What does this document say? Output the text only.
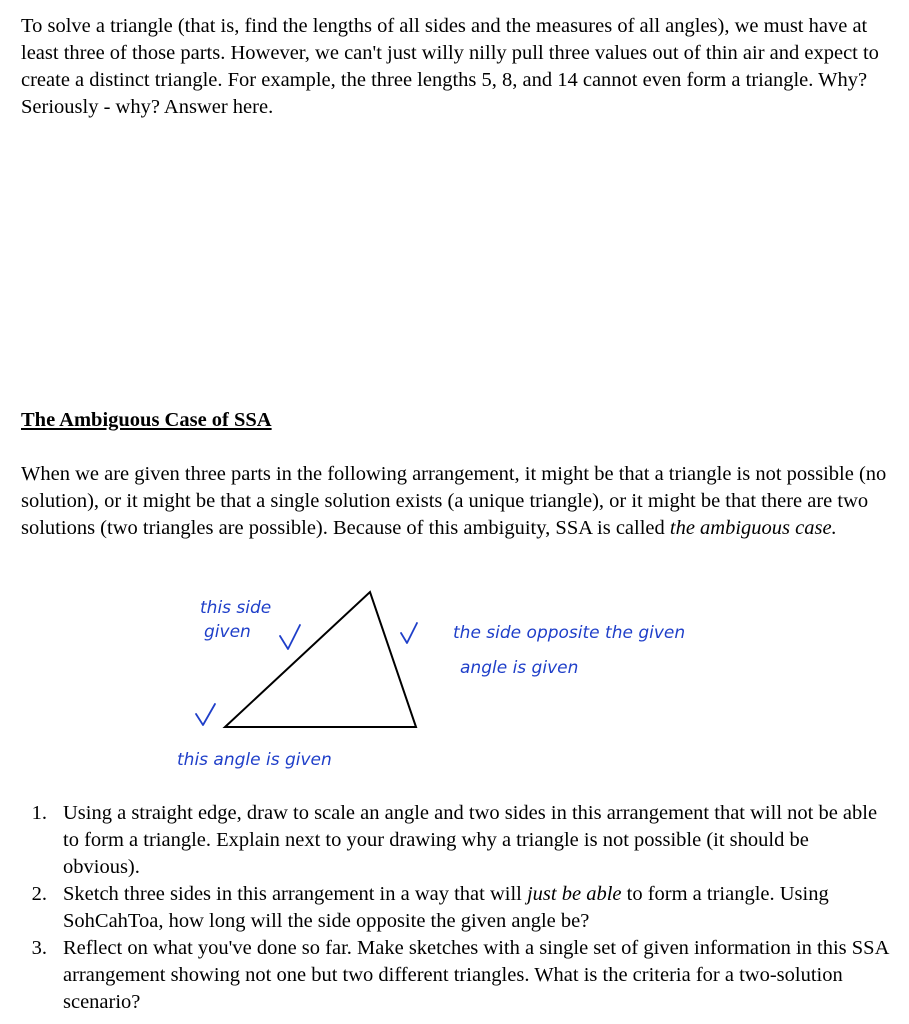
To solve a triangle (that is, find the lengths of all sides and the measures of all angles), we must have at least three of those parts. However, we can't just willy nilly pull three values out of thin air and expect to create a distinct triangle. For example, the three lengths 5, 8, and 14 cannot even form a triangle. Why? Seriously - why? Answer here.

The Ambiguous Case of SSA

When we are given three parts in the following arrangement, it might be that a triangle is not possible (no solution), or it might be that a single solution exists (a unique triangle), or it might be that there are two solutions (two triangles are possible). Because of this ambiguity, SSA is called the ambiguous case.

this side
given	the side opposite the given
angle is given
this angle is given
1. Using a straight edge, draw to scale an angle and two sides in this arrangement that will not be able to form a triangle. Explain next to your drawing why a triangle is not possible (it should be obvious).
2. Sketch three sides in this arrangement in a way that will just be able to form a triangle. Using SohCahToa, how long will the side opposite the given angle be?
3. Reflect on what you've done so far. Make sketches with a single set of given information in this SSA arrangement showing not one but two different triangles. What is the criteria for a two-solution scenario?
